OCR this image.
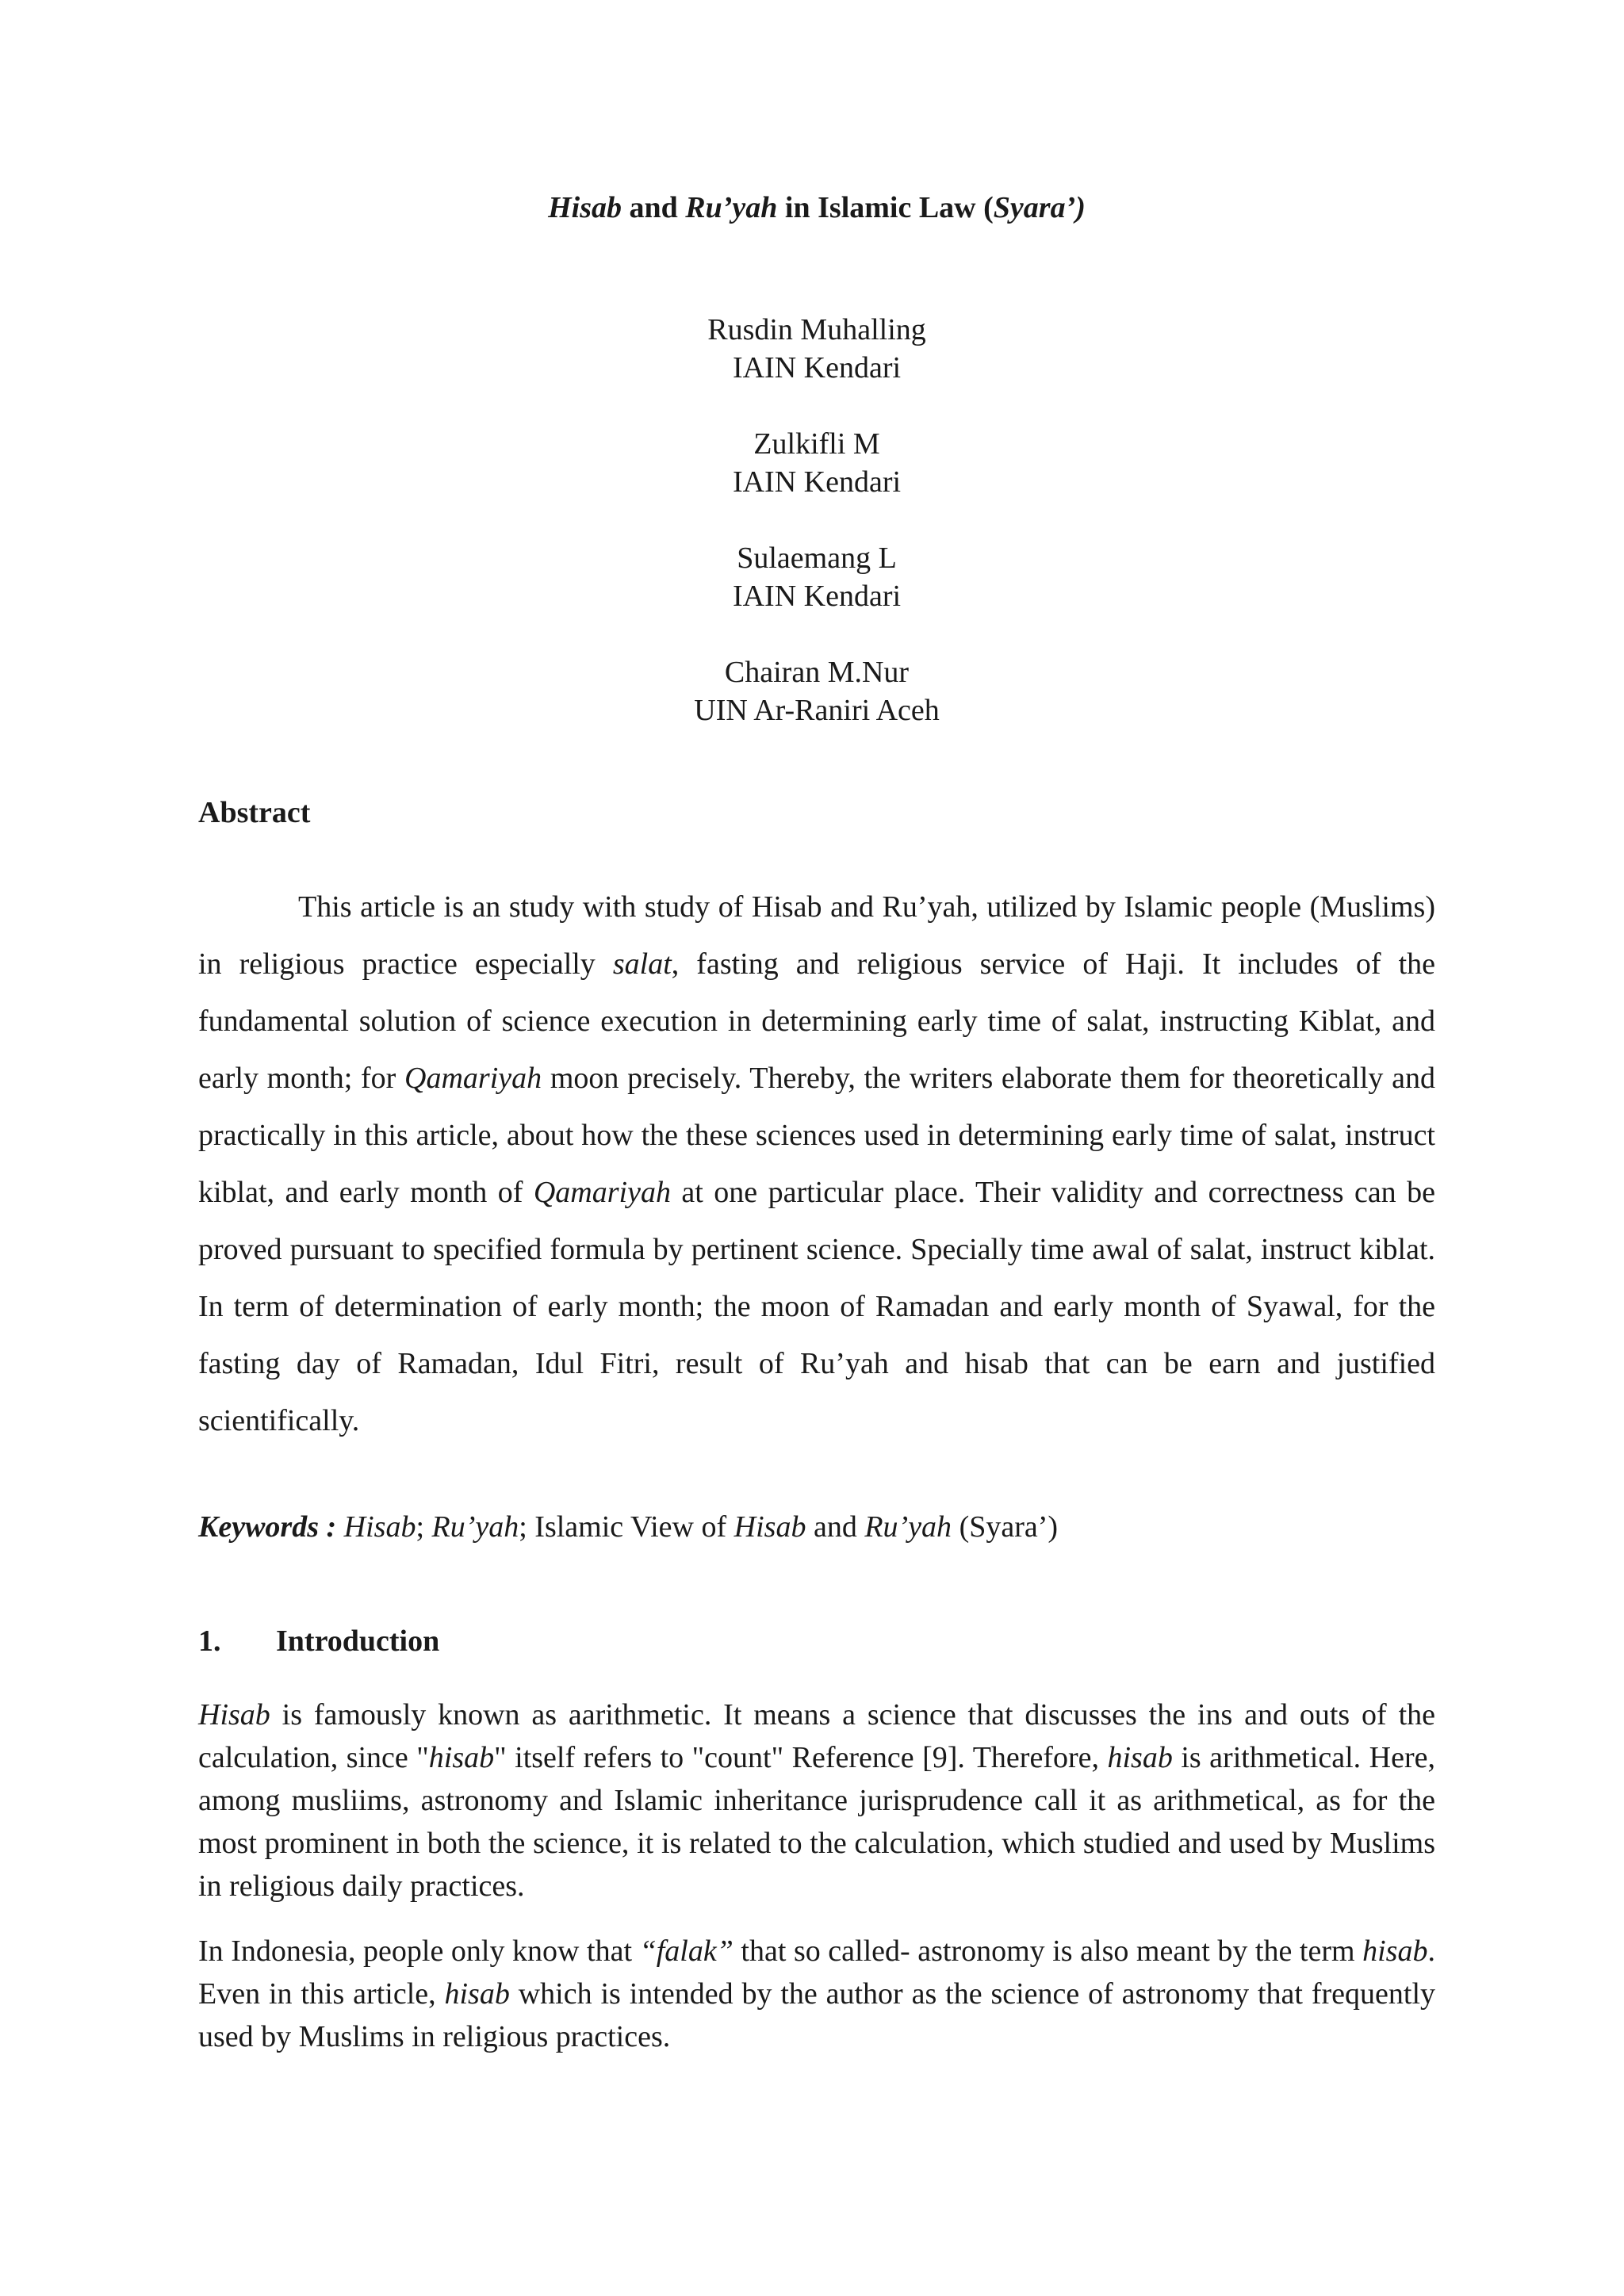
Hisab and Ru’yah in Islamic Law (Syara’)
Rusdin Muhalling
IAIN Kendari
Zulkifli M
IAIN Kendari
Sulaemang L
IAIN Kendari
Chairan M.Nur
UIN Ar-Raniri Aceh
Abstract

This article is an study with study of Hisab and Ru’yah, utilized by Islamic people (Muslims) in religious practice especially salat, fasting and religious service of Haji. It includes of the fundamental solution of science execution in determining early time of salat, instructing Kiblat, and early month; for Qamariyah moon precisely. Thereby, the writers elaborate them for theoretically and practically in this article, about how the these sciences used in determining early time of salat, instruct kiblat, and early month of Qamariyah at one particular place. Their validity and correctness can be proved pursuant to specified formula by pertinent science. Specially time awal of salat, instruct kiblat. In term of determination of early month; the moon of Ramadan and early month of Syawal, for the fasting day of Ramadan, Idul Fitri, result of Ru’yah and hisab that can be earn and justified scientifically.

Keywords : Hisab; Ru’yah; Islamic View of Hisab and Ru’yah (Syara’)
1. Introduction

Hisab is famously known as aarithmetic. It means a science that discusses the ins and outs of the calculation, since "hisab" itself refers to "count" Reference [9]. Therefore, hisab is arithmetical. Here, among musliims, astronomy and Islamic inheritance jurisprudence call it as arithmetical, as for the most prominent in both the science, it is related to the calculation, which studied and used by Muslims in religious daily practices.

In Indonesia, people only know that “falak” that so called- astronomy is also meant by the term hisab. Even in this article, hisab which is intended by the author as the science of astronomy that frequently used by Muslims in religious practices.
